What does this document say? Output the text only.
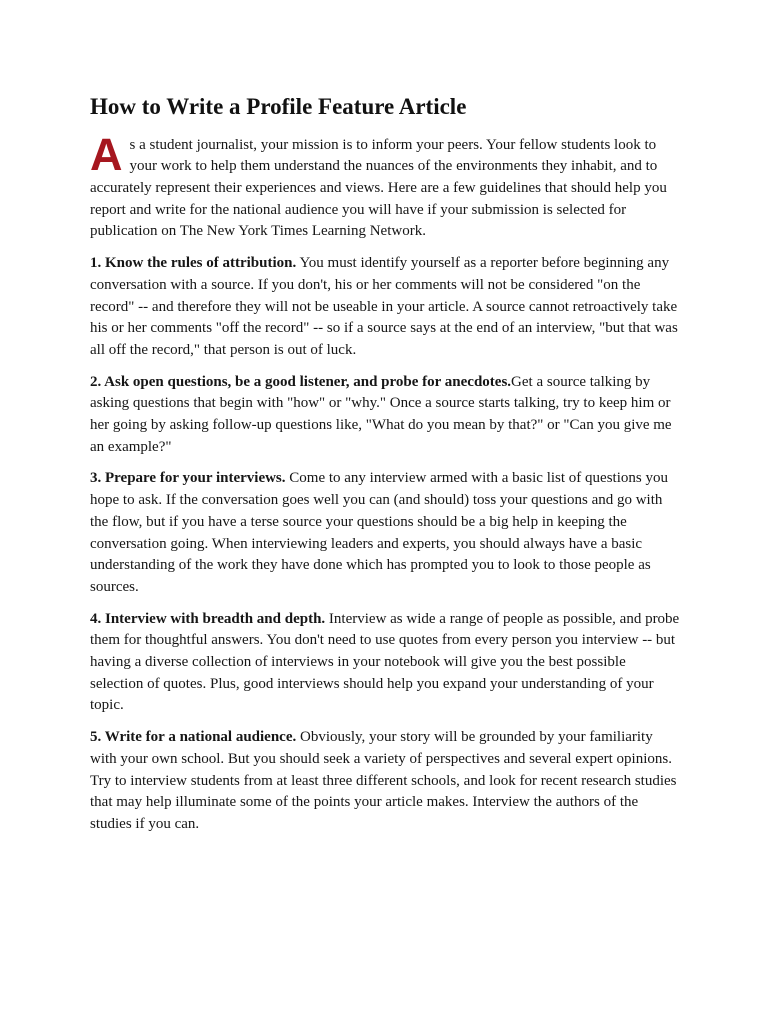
How to Write a Profile Feature Article

As a student journalist, your mission is to inform your peers. Your fellow students look to your work to help them understand the nuances of the environments they inhabit, and to accurately represent their experiences and views. Here are a few guidelines that should help you report and write for the national audience you will have if your submission is selected for publication on The New York Times Learning Network.

1. Know the rules of attribution. You must identify yourself as a reporter before beginning any conversation with a source. If you don't, his or her comments will not be considered "on the record" -- and therefore they will not be useable in your article. A source cannot retroactively take his or her comments "off the record" -- so if a source says at the end of an interview, "but that was all off the record," that person is out of luck.

2. Ask open questions, be a good listener, and probe for anecdotes.Get a source talking by asking questions that begin with "how" or "why." Once a source starts talking, try to keep him or her going by asking follow-up questions like, "What do you mean by that?" or "Can you give me an example?"

3. Prepare for your interviews. Come to any interview armed with a basic list of questions you hope to ask. If the conversation goes well you can (and should) toss your questions and go with the flow, but if you have a terse source your questions should be a big help in keeping the conversation going. When interviewing leaders and experts, you should always have a basic understanding of the work they have done which has prompted you to look to those people as sources.

4. Interview with breadth and depth. Interview as wide a range of people as possible, and probe them for thoughtful answers. You don't need to use quotes from every person you interview -- but having a diverse collection of interviews in your notebook will give you the best possible selection of quotes. Plus, good interviews should help you expand your understanding of your topic.

5. Write for a national audience. Obviously, your story will be grounded by your familiarity with your own school. But you should seek a variety of perspectives and several expert opinions. Try to interview students from at least three different schools, and look for recent research studies that may help illuminate some of the points your article makes. Interview the authors of the studies if you can.
